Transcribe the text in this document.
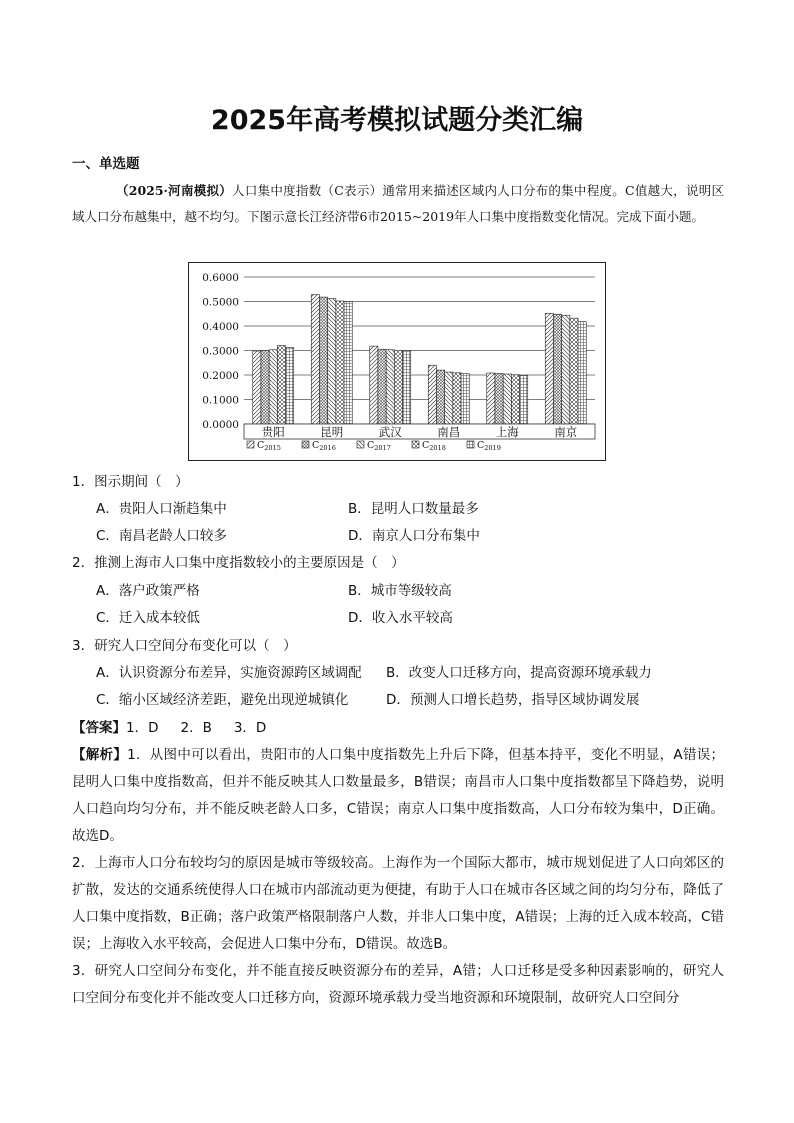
2025年高考模拟试题分类汇编
一、单选题
（2025·河南模拟）人口集中度指数（C表示）通常用来描述区域内人口分布的集中程度。C值越大，说明区域人口分布越集中，越不均匀。下图示意长江经济带6市2015~2019年人口集中度指数变化情况。完成下面小题。
0.6000
0.5000
0.4000
0.3000
0.2000
0.1000
0.0000 贵阳	昆明	武汉	南昌	上海	南京
$C_{2015}$	$C_{2016}$	$C_{2017}$	$C_{2018}$	$C_{2019}$
1．图示期间（　）
A．贵阳人口渐趋集中	B．昆明人口数量最多
C．南昌老龄人口较多	D．南京人口分布集中
2．推测上海市人口集中度指数较小的主要原因是（　）
A．落户政策严格	B．城市等级较高
C．迁入成本较低	D．收入水平较高
3．研究人口空间分布变化可以（　）
A．认识资源分布差异，实施资源跨区域调配 B．改变人口迁移方向，提高资源环境承载力
C．缩小区域经济差距，避免出现逆城镇化	D．预测人口增长趋势，指导区域协调发展
【答案】1．D 2．B 3．D
【解析】1．从图中可以看出，贵阳市的人口集中度指数先上升后下降，但基本持平，变化不明显，A错误；昆明人口集中度指数高，但并不能反映其人口数量最多，B错误；南昌市人口集中度指数都呈下降趋势，说明人口趋向均匀分布，并不能反映老龄人口多，C错误；南京人口集中度指数高，人口分布较为集中，D正确。故选D。
2．上海市人口分布较均匀的原因是城市等级较高。上海作为一个国际大都市，城市规划促进了人口向郊区的扩散，发达的交通系统使得人口在城市内部流动更为便捷，有助于人口在城市各区域之间的均匀分布，降低了人口集中度指数，B正确；落户政策严格限制落户人数，并非人口集中度，A错误；上海的迁入成本较高，C错误；上海收入水平较高，会促进人口集中分布，D错误。故选B。
3．研究人口空间分布变化，并不能直接反映资源分布的差异，A错；人口迁移是受多种因素影响的，研究人口空间分布变化并不能改变人口迁移方向，资源环境承载力受当地资源和环境限制，故研究人口空间分
